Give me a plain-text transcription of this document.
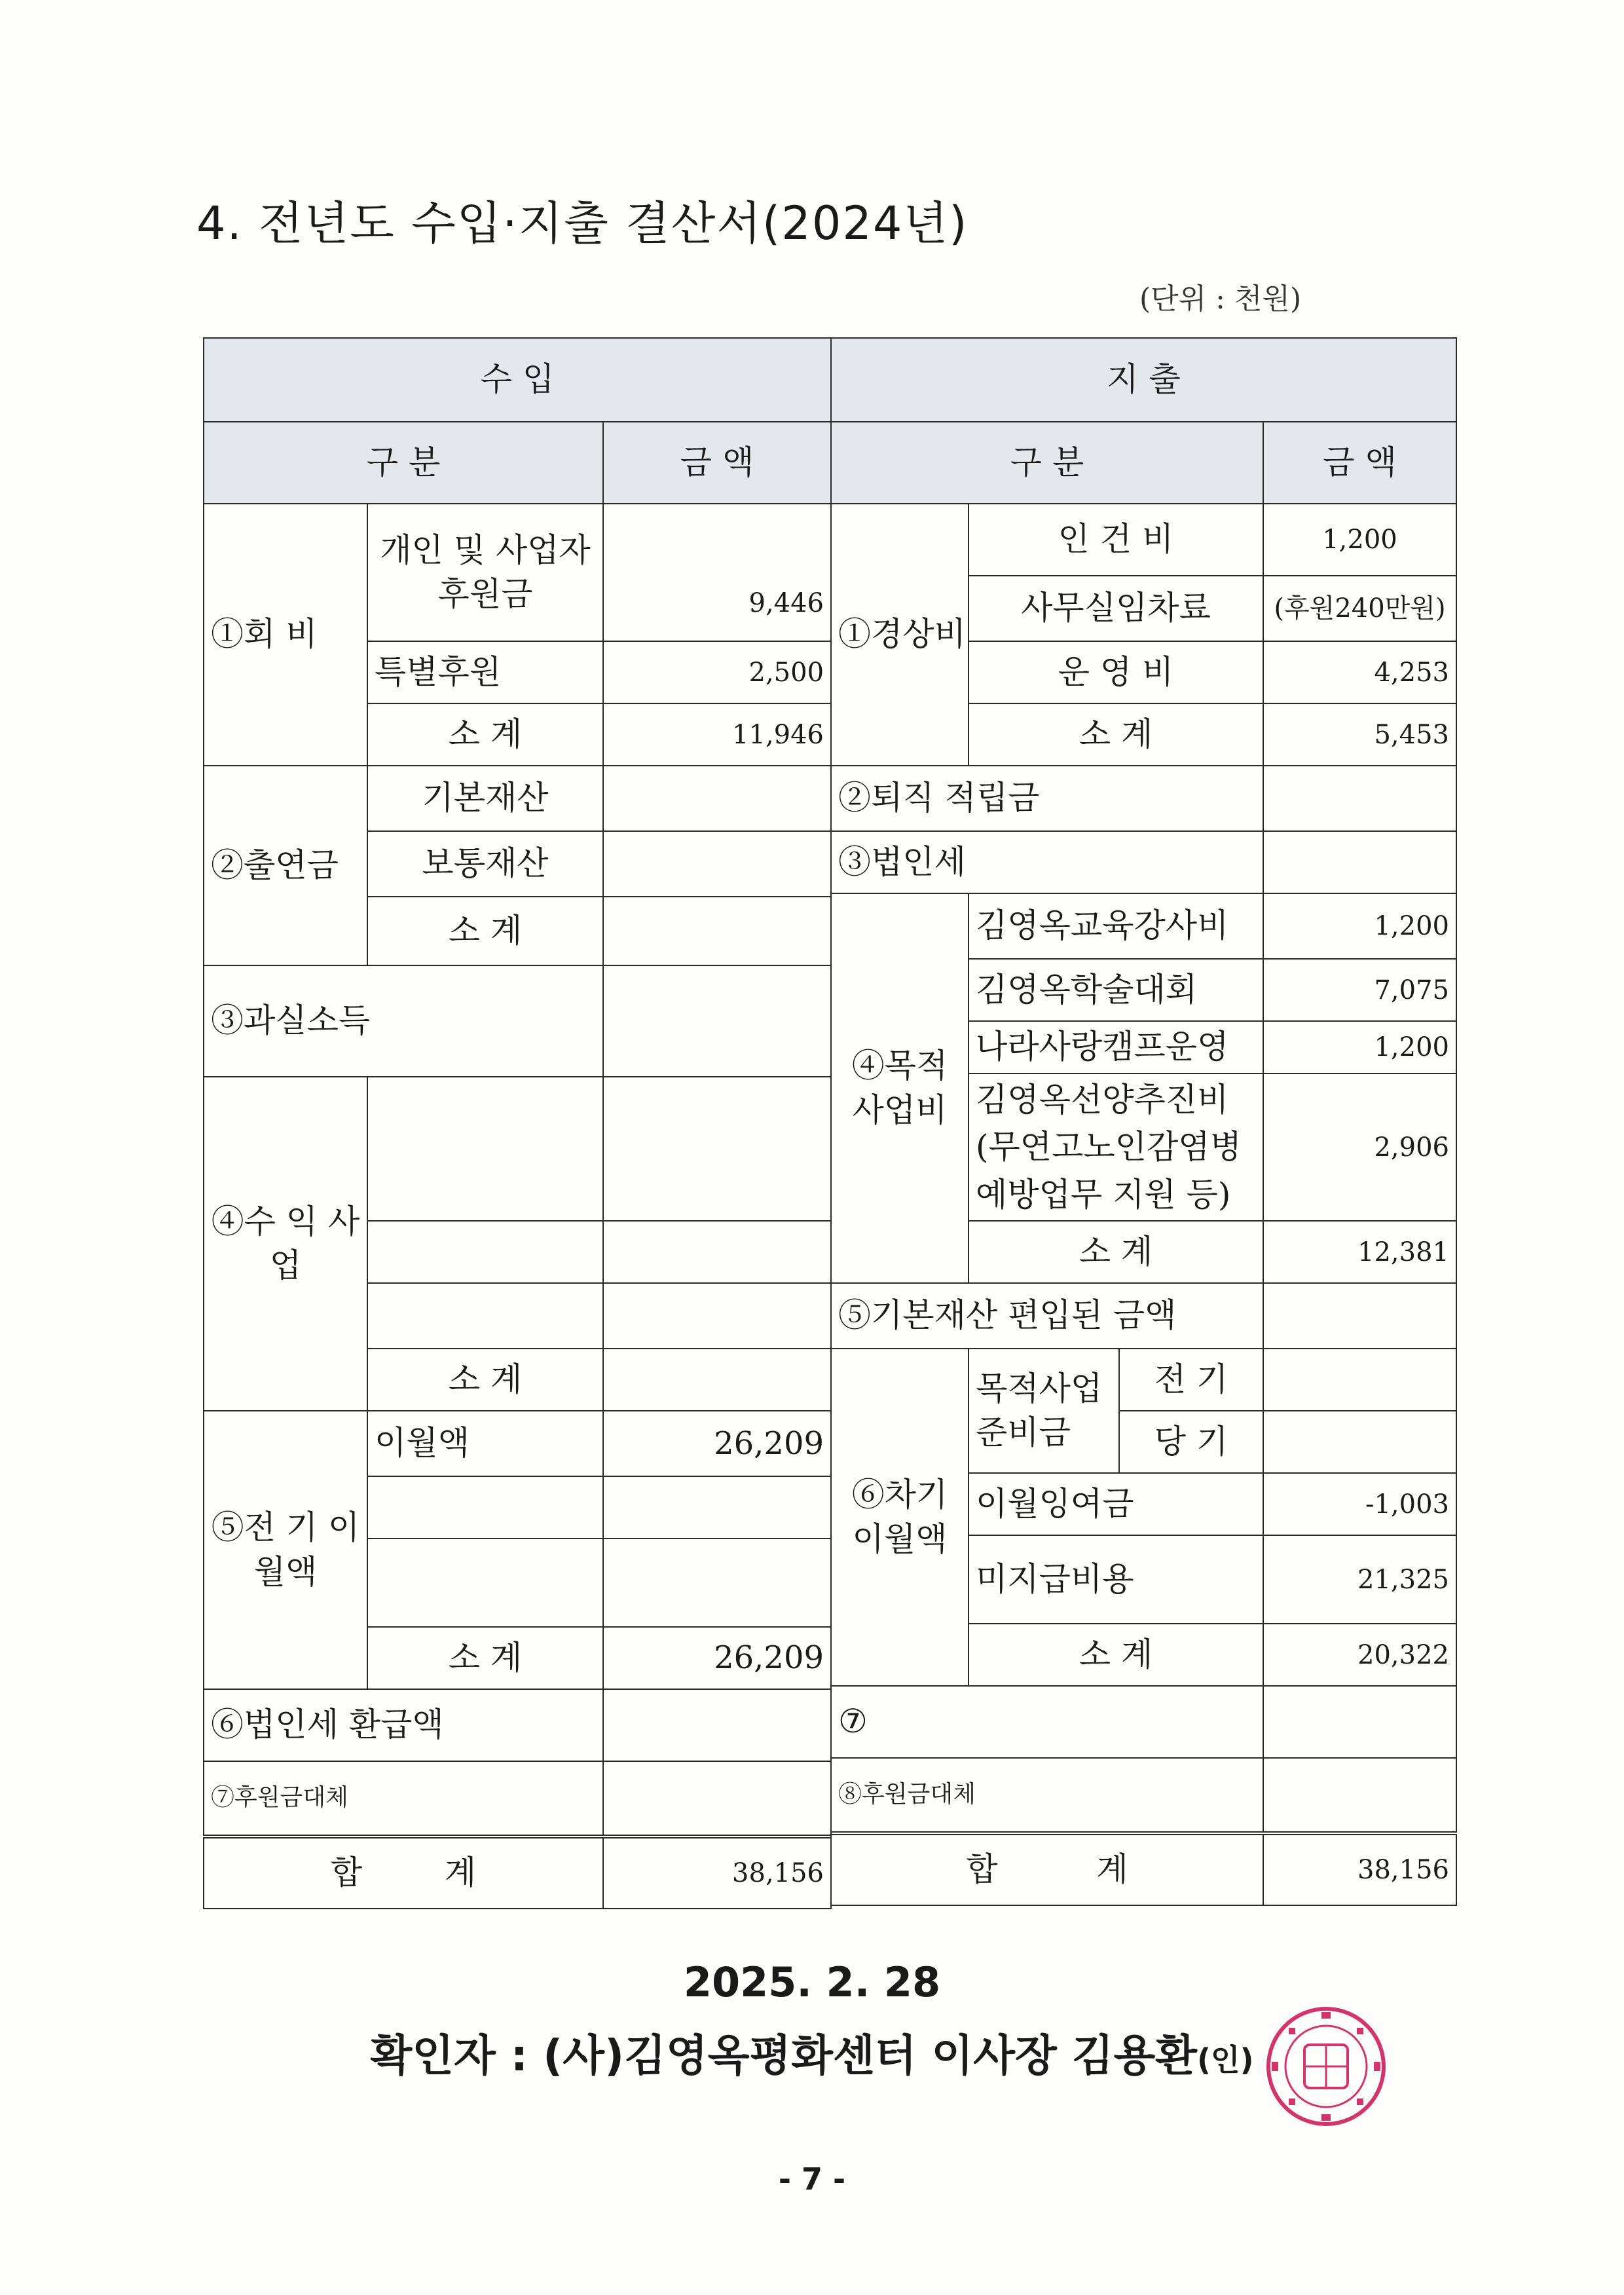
4. 전년도 수입·지출 결산서(2024년)
(단위 : 천원)
수 입		
구 분		금 액
①회 비	개인 및 사업자 후원금	9,446
	특별후원	2,500
	소 계	11,946
②출연금	기본재산	
	보통재산	
	소 계	
③과실소득		
④수 익 사 업		

	소 계	
⑤전 기 이월액	이월액	26,209

	소 계	26,209
⑥법인세 환급액		
⑦후원금대체		

합 계		38,156
지 출			
구 분			금 액
①경상비	인 건 비		1,200
	사무실임차료		(후원240만원)
	운 영 비		4,253
	소 계		5,453
②퇴직 적립금			
③법인세			
④목적 사업비	김영옥교육강사비		1,200
	김영옥학술대회		7,075
	나라사랑캠프운영		1,200
	김영옥선양추진비 (무연고노인감염병 예방업무 지원 등)		2,906
	소 계		12,381
⑤기본재산 편입된 금액			
⑥차기 이월액	목적사업 준비금	전 기	
		당 기	
	이월잉여금		-1,003
	미지급비용		21,325
	소 계		20,322
⑦			
⑧후원금대체			

합 계			38,156
2025. 2. 28
확인자 : (사)김영옥평화센터 이사장 김용환(인)
- 7 -
